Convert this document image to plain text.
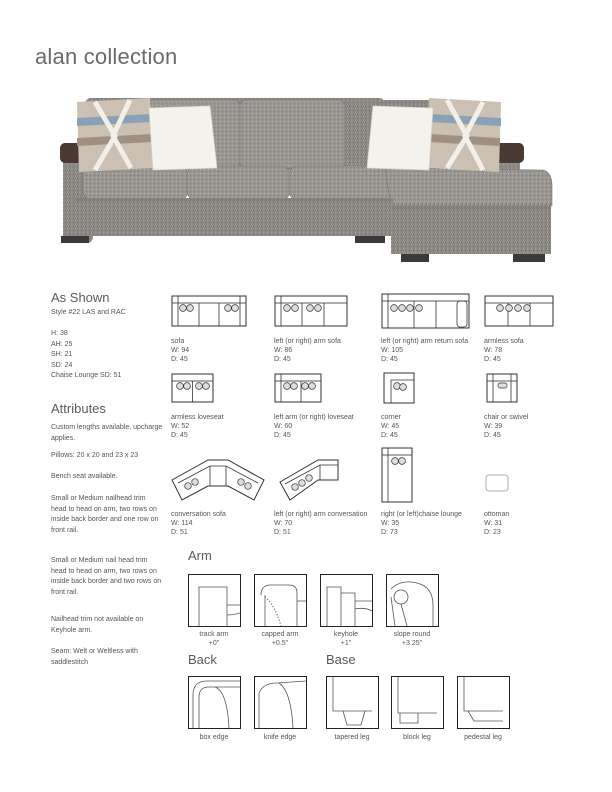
alan collection
As Shown
Style #22 LAS and RAC
H: 38
AH: 25
SH: 21
SD: 24
Chaise Lounge SD: 51
Attributes
Custom lengths available, upcharge applies.
Pillows: 20 x 20 and 23 x 23
Bench seat available.
Small or Medium nailhead trim head to head on arm, two rows on inside back border and one row on front rail.
Small or Medium nail head trim head to head on arm, two rows on inside back border and two rows on front rail.
Nailhead trim not available on Keyhole arm.
Seam: Welt or Weltless with saddlestitch
sofa
W: 94
D: 45
left (or right) arm sofa
W: 86
D: 45
left (or right) arm return sofa
W: 105
D: 45
armless sofa
W: 78
D: 45
armless loveseat
W: 52
D: 45
left arm (or right) loveseat
W: 60
D: 45
corner
W: 45
D: 45
chair or swivel
W: 39
D: 45
conversation sofa
W: 114
D: 51
left (or right) arm conversation
W: 70
D: 51
right (or left)chaise lounge
W: 35
D: 73
ottoman
W: 31
D: 23
Arm
track arm
+0"
capped arm
+0.5"
keyhole
+1"
slope round
+3.25"
Back
box edge	knife edge
Base
tapered leg	block leg	pedestal leg
